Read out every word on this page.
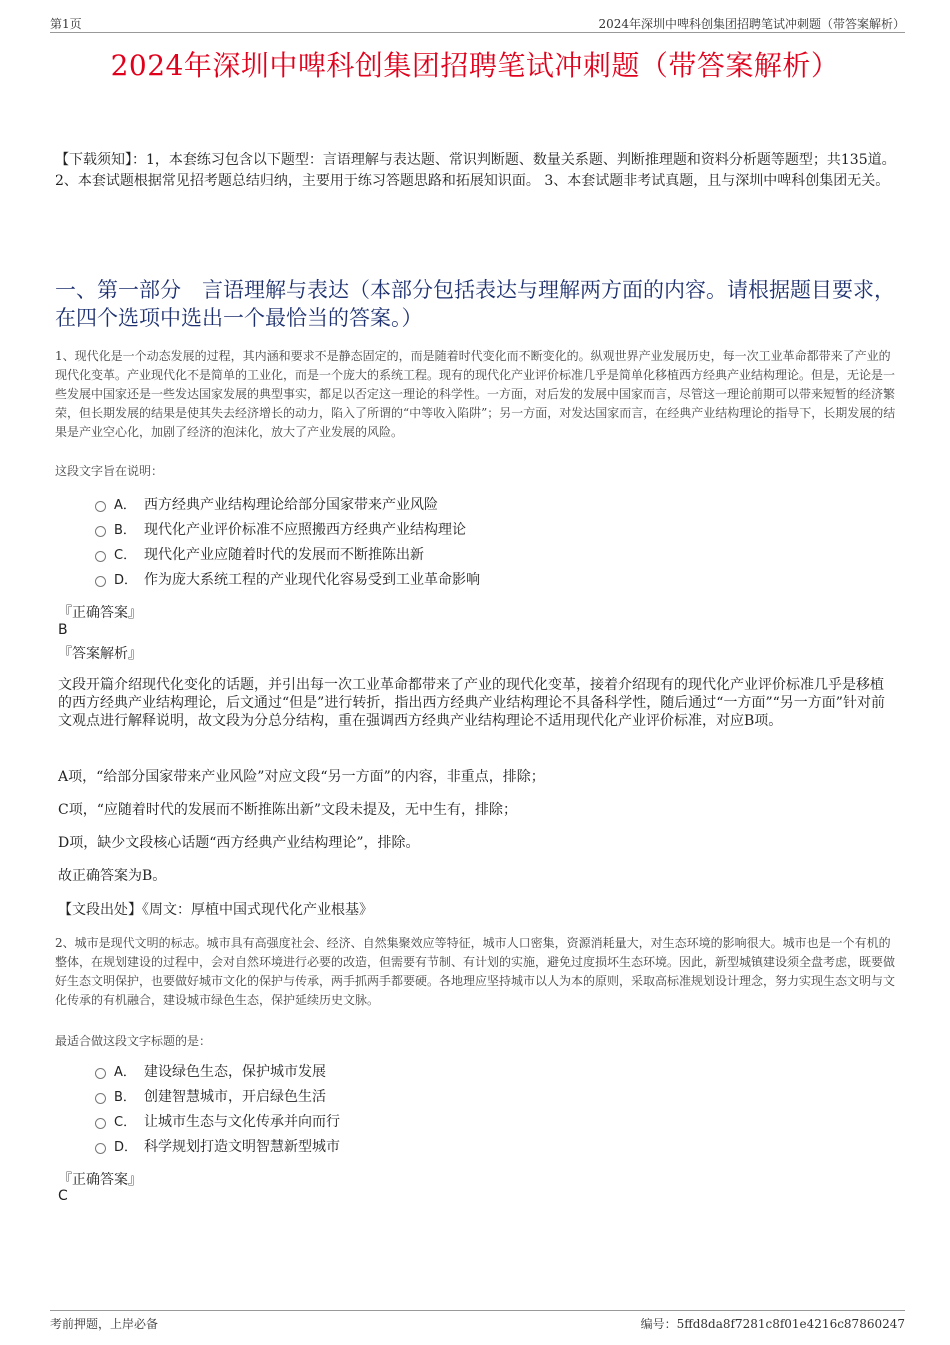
第1页	2024年深圳中啤科创集团招聘笔试冲刺题（带答案解析）
2024年深圳中啤科创集团招聘笔试冲刺题（带答案解析）
【下载须知】：1，本套练习包含以下题型：言语理解与表达题、常识判断题、数量关系题、判断推理题和资料分析题等题型；共135道。 2、本套试题根据常见招考题总结归纳，主要用于练习答题思路和拓展知识面。 3、本套试题非考试真题，且与深圳中啤科创集团无关。
一、第一部分　言语理解与表达（本部分包括表达与理解两方面的内容。请根据题目要求，在四个选项中选出一个最恰当的答案。）
1、现代化是一个动态发展的过程，其内涵和要求不是静态固定的，而是随着时代变化而不断变化的。纵观世界产业发展历史，每一次工业革命都带来了产业的现代化变革。产业现代化不是简单的工业化，而是一个庞大的系统工程。现有的现代化产业评价标准几乎是简单化移植西方经典产业结构理论。但是，无论是一些发展中国家还是一些发达国家发展的典型事实，都足以否定这一理论的科学性。一方面，对后发的发展中国家而言，尽管这一理论前期可以带来短暂的经济繁荣，但长期发展的结果是使其失去经济增长的动力，陷入了所谓的“中等收入陷阱”；另一方面，对发达国家而言，在经典产业结构理论的指导下，长期发展的结果是产业空心化，加剧了经济的泡沫化，放大了产业发展的风险。
这段文字旨在说明：
A． 西方经典产业结构理论给部分国家带来产业风险
B． 现代化产业评价标准不应照搬西方经典产业结构理论
C． 现代化产业应随着时代的发展而不断推陈出新
D． 作为庞大系统工程的产业现代化容易受到工业革命影响
『正确答案』
B
『答案解析』
文段开篇介绍现代化变化的话题，并引出每一次工业革命都带来了产业的现代化变革，接着介绍现有的现代化产业评价标准几乎是移植的西方经典产业结构理论，后文通过“但是”进行转折，指出西方经典产业结构理论不具备科学性，随后通过“一方面”“另一方面”针对前文观点进行解释说明，故文段为分总分结构，重在强调西方经典产业结构理论不适用现代化产业评价标准，对应B项。
A项，“给部分国家带来产业风险”对应文段“另一方面”的内容，非重点，排除；
C项，“应随着时代的发展而不断推陈出新”文段未提及，无中生有，排除；
D项，缺少文段核心话题“西方经典产业结构理论”，排除。
故正确答案为B。
【文段出处】《周文：厚植中国式现代化产业根基》
2、城市是现代文明的标志。城市具有高强度社会、经济、自然集聚效应等特征，城市人口密集，资源消耗量大，对生态环境的影响很大。城市也是一个有机的整体，在规划建设的过程中，会对自然环境进行必要的改造，但需要有节制、有计划的实施，避免过度损坏生态环境。因此，新型城镇建设须全盘考虑，既要做好生态文明保护，也要做好城市文化的保护与传承，两手抓两手都要硬。各地理应坚持城市以人为本的原则，采取高标准规划设计理念，努力实现生态文明与文化传承的有机融合，建设城市绿色生态，保护延续历史文脉。
最适合做这段文字标题的是：
A． 建设绿色生态，保护城市发展
B． 创建智慧城市，开启绿色生活
C． 让城市生态与文化传承并向而行
D． 科学规划打造文明智慧新型城市
『正确答案』
C
考前押题，上岸必备	编号：5ffd8da8f7281c8f01e4216c87860247
